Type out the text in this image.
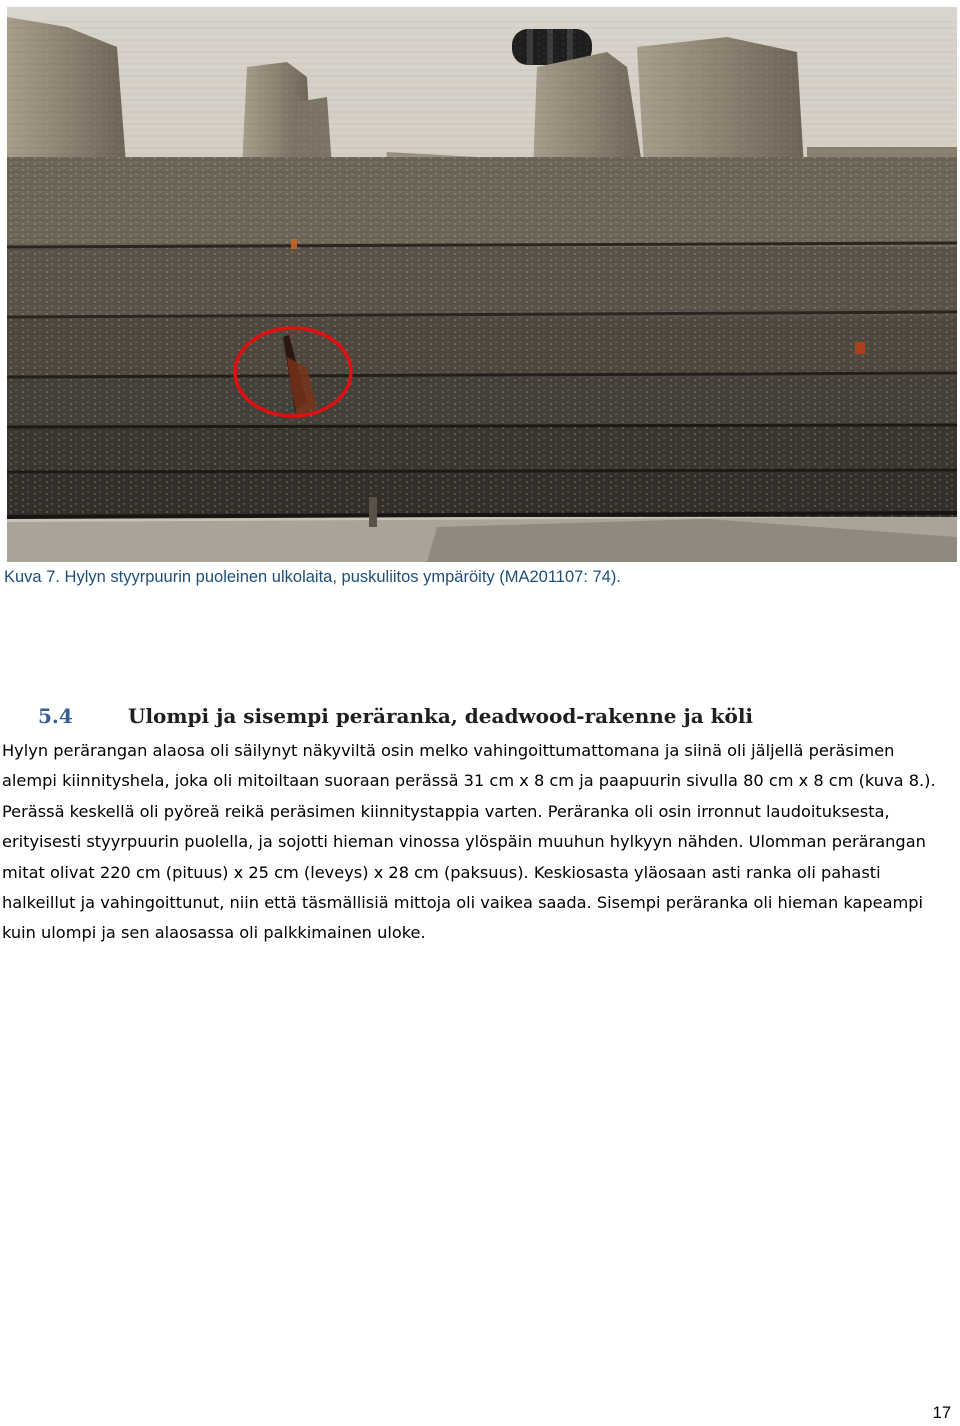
Kuva 7. Hylyn styyrpuurin puoleinen ulkolaita, puskuliitos ympäröity (MA201107: 74).

5.4	Ulompi ja sisempi peräranka, deadwood-rakenne ja köli

Hylyn perärangan alaosa oli säilynyt näkyviltä osin melko vahingoittumattomana ja siinä oli jäljellä peräsimen alempi kiinnityshela, joka oli mitoiltaan suoraan perässä 31 cm x 8 cm ja paapuurin sivulla 80 cm x 8 cm (kuva 8.). Perässä keskellä oli pyöreä reikä peräsimen kiinnitystappia varten. Peräranka oli osin irronnut laudoituksesta, erityisesti styyrpuurin puolella, ja sojotti hieman vinossa ylöspäin muuhun hylkyyn nähden. Ulomman perärangan mitat olivat 220 cm (pituus) x 25 cm (leveys) x 28 cm (paksuus). Keskiosasta yläosaan asti ranka oli pahasti halkeillut ja vahingoittunut, niin että täsmällisiä mittoja oli vaikea saada. Sisempi peräranka oli hieman kapeampi kuin ulompi ja sen alaosassa oli palkkimainen uloke.

17
